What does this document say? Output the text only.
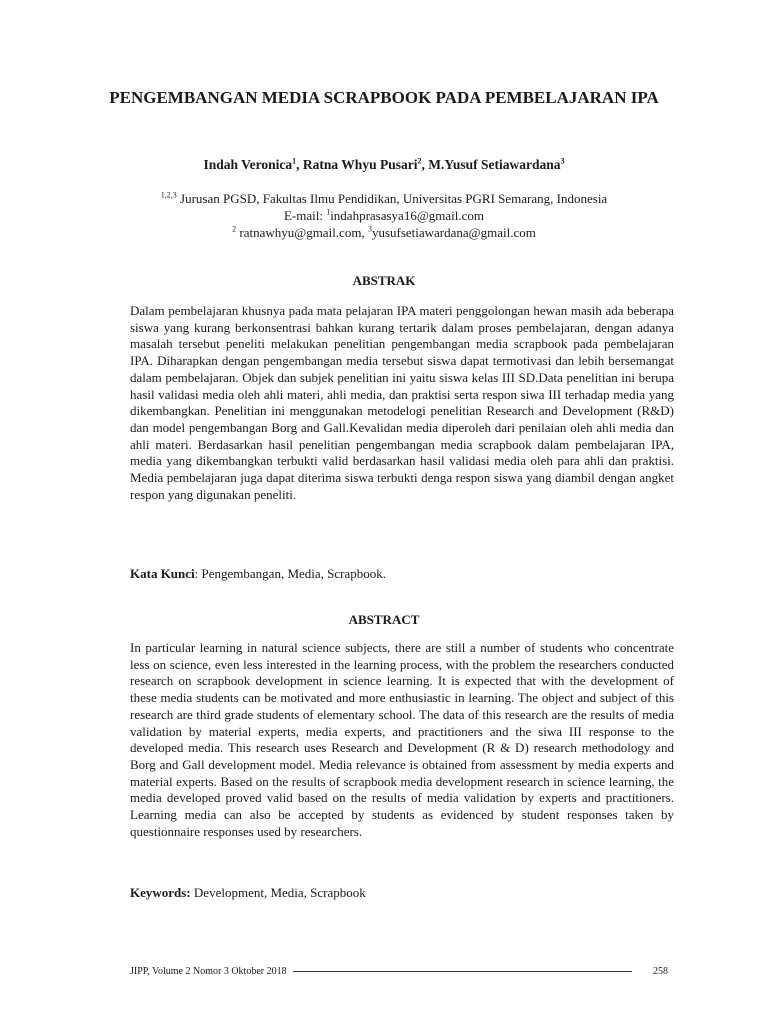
PENGEMBANGAN MEDIA SCRAPBOOK PADA PEMBELAJARAN IPA

Indah Veronica$^1$, Ratna Whyu Pusari$^2$, M.Yusuf Setiawardana$^3$

$^{1,2,3}$ Jurusan PGSD, Fakultas Ilmu Pendidikan, Universitas PGRI Semarang, Indonesia
E-mail: $^1$indahprasasya16@gmail.com
$^2$ ratnawhyu@gmail.com, $^3$yusufsetiawardana@gmail.com
ABSTRAK

Dalam pembelajaran khusnya pada mata pelajaran IPA materi penggolongan hewan masih ada beberapa siswa yang kurang berkonsentrasi bahkan kurang tertarik dalam proses pembelajaran, dengan adanya masalah tersebut peneliti melakukan penelitian pengembangan media scrapbook pada pembelajaran IPA. Diharapkan dengan pengembangan media tersebut siswa dapat termotivasi dan lebih bersemangat dalam pembelajaran. Objek dan subjek penelitian ini yaitu siswa kelas III SD.Data penelitian ini berupa hasil validasi media oleh ahli materi, ahli media, dan praktisi serta respon siwa III terhadap media yang dikembangkan. Penelitian ini menggunakan metodelogi penelitian Research and Development (R&D) dan model pengembangan Borg and Gall.Kevalidan media diperoleh dari penilaian oleh ahli media dan ahli materi. Berdasarkan hasil penelitian pengembangan media scrapbook dalam pembelajaran IPA, media yang dikembangkan terbukti valid berdasarkan hasil validasi media oleh para ahli dan praktisi. Media pembelajaran juga dapat diterima siswa terbukti denga respon siswa yang diambil dengan angket respon yang digunakan peneliti.

Kata Kunci: Pengembangan, Media, Scrapbook.

ABSTRACT

In particular learning in natural science subjects, there are still a number of students who concentrate less on science, even less interested in the learning process, with the problem the researchers conducted research on scrapbook development in science learning. It is expected that with the development of these media students can be motivated and more enthusiastic in learning. The object and subject of this research are third grade students of elementary school. The data of this research are the results of media validation by material experts, media experts, and practitioners and the siwa III response to the developed media. This research uses Research and Development (R & D) research methodology and Borg and Gall development model. Media relevance is obtained from assessment by media experts and material experts. Based on the results of scrapbook media development research in science learning, the media developed proved valid based on the results of media validation by experts and practitioners. Learning media can also be accepted by students as evidenced by student responses taken by questionnaire responses used by researchers.

Keywords: Development, Media, Scrapbook

JIPP, Volume 2 Nomor 3 Oktober 2018	258
